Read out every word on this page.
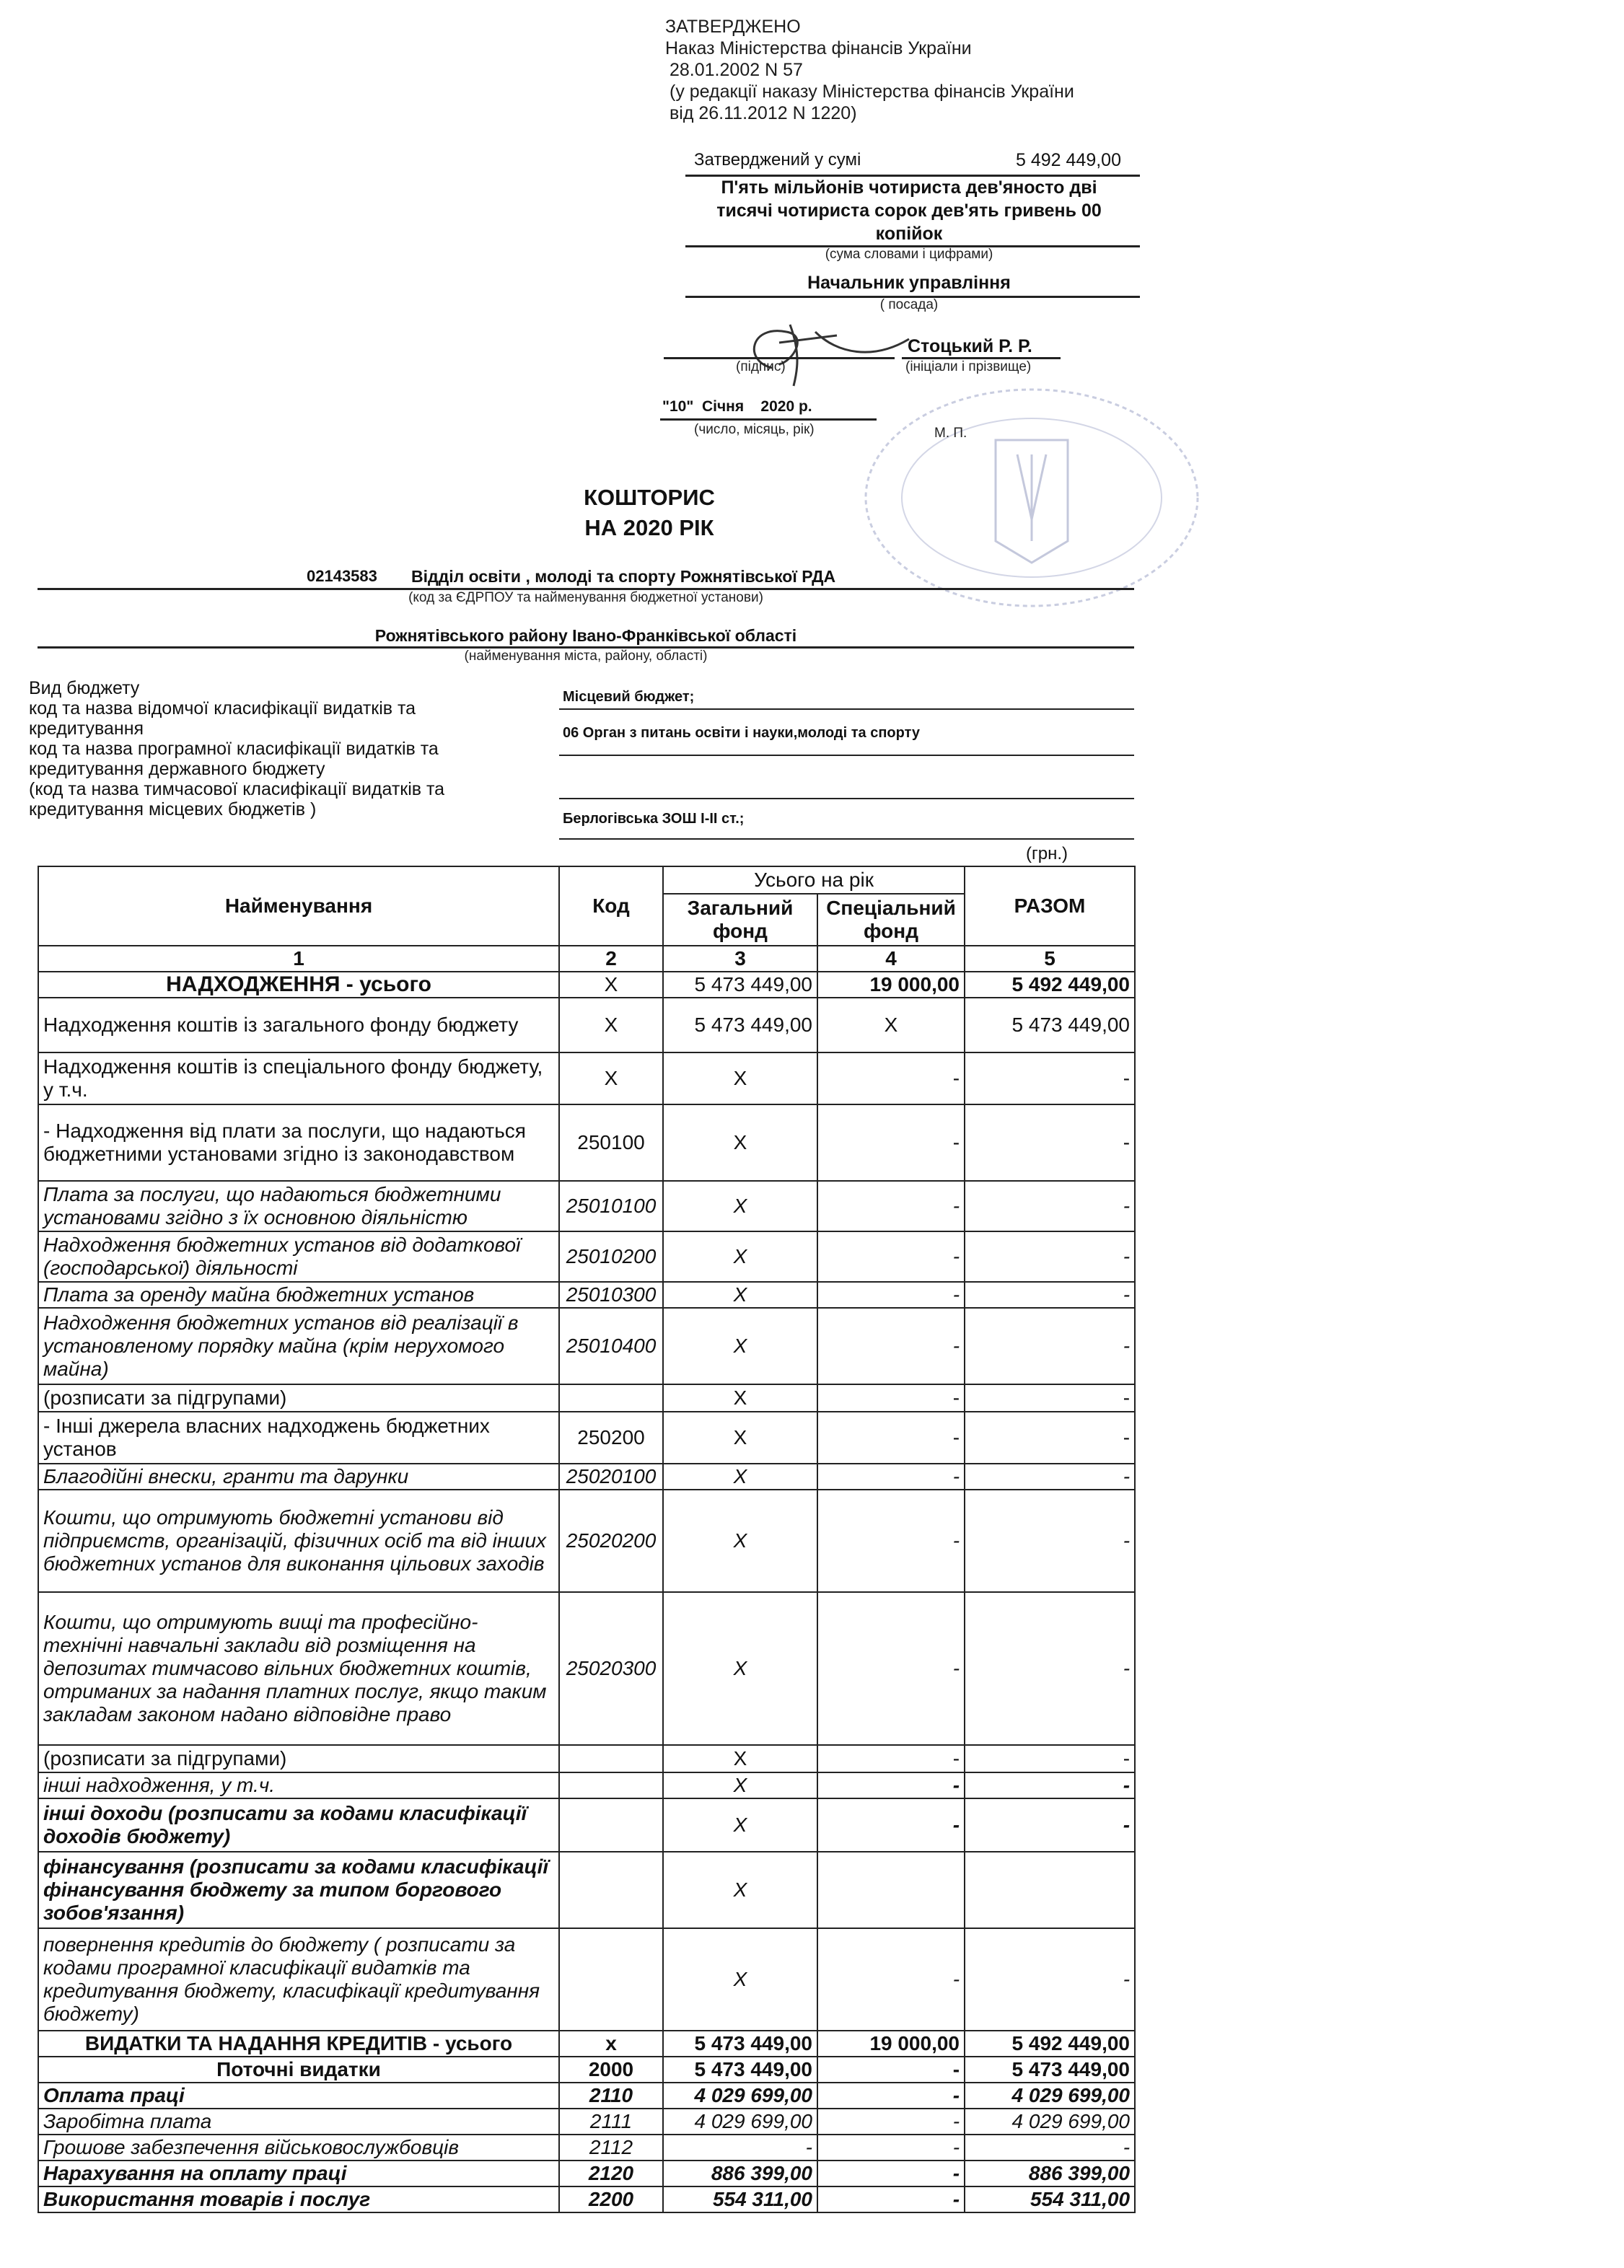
ЗАТВЕРДЖЕНО
Наказ Міністерства фінансів України
28.01.2002 N 57
(у редакції наказу Міністерства фінансів України
від 26.11.2012 N 1220)
Затверджений у сумі	5 492 449,00
П'ять мільйонів чотириста дев'яносто дві
тисячі чотириста сорок дев'ять гривень 00
копійок
(сума словами і цифрами)
Начальник управління
( посада)
Стоцький Р. Р.
(підпис)	(ініціали і прізвище)
"10"  Січня    2020 р.
(число, місяць, рік)	М. П.
КОШТОРИС
НА 2020 РІК
02143583 Відділ освіти , молоді та спорту Рожнятівської РДА
(код за ЄДРПОУ та найменування бюджетної установи)
Рожнятівського району Івано-Франківської області
(найменування міста, району, області)
Вид бюджету
код та назва відомчої класифікації видатків та
кредитування
код та назва програмної класифікації видатків та
кредитування державного бюджету
(код та назва тимчасової класифікації видатків та
кредитування місцевих бюджетів )
Місцевий бюджет;
06 Орган з питань освіти і науки,молоді та спорту
Берлогівська ЗОШ І-ІІ ст.;
(грн.)
Найменування	Код	Усього на рік		РАЗОМ
		Загальний фонд	Спеціальний фонд	
1	2	3	4	5
НАДХОДЖЕННЯ - усього	Х	5 473 449,00	19 000,00	5 492 449,00
Надходження коштів із загального фонду бюджету	Х	5 473 449,00	Х	5 473 449,00
Надходження коштів із спеціального фонду бюджету, у т.ч.	Х	Х	-	-
- Надходження від плати за послуги, що надаються бюджетними установами згідно із законодавством	250100	Х	-	-
Плата за послуги, що надаються бюджетними установами згідно з їх основною діяльністю	25010100	Х	-	-
Надходження бюджетних установ від додаткової (господарської) діяльності	25010200	Х	-	-
Плата за оренду майна бюджетних установ	25010300	Х	-	-
Надходження бюджетних установ від реалізації в установленому порядку майна (крім нерухомого майна)	25010400	Х	-	-
(розписати за підгрупами)		Х	-	-
- Інші джерела власних надходжень бюджетних установ	250200	Х	-	-
Благодійні внески, гранти та дарунки	25020100	Х	-	-
Кошти, що отримують бюджетні установи від підприємств, організацій, фізичних осіб та від інших бюджетних установ для виконання цільових заходів	25020200	Х	-	-
Кошти, що отримують вищі та професійно-технічні навчальні заклади від розміщення на депозитах тимчасово вільних бюджетних коштів, отриманих за надання платних послуг, якщо таким закладам законом надано відповідне право	25020300	Х	-	-
(розписати за підгрупами)		Х	-	-
інші надходження, у т.ч.		Х	-	-
інші доходи (розписати за кодами класифікації доходів бюджету)		Х	-	-
фінансування (розписати за кодами класифікації фінансування бюджету за типом боргового зобов'язання)		Х		
повернення кредитів до бюджету ( розписати за кодами програмної класифікації видатків та кредитування бюджету, класифікації кредитування бюджету)		Х	-	-
ВИДАТКИ ТА НАДАННЯ КРЕДИТІВ - усього	х	5 473 449,00	19 000,00	5 492 449,00
Поточні видатки	2000	5 473 449,00	-	5 473 449,00
Оплата праці	2110	4 029 699,00	-	4 029 699,00
Заробітна плата	2111	4 029 699,00	-	4 029 699,00
Грошове забезпечення військовослужбовців	2112	-	-	-
Нарахування на оплату праці	2120	886 399,00	-	886 399,00
Використання товарів і послуг	2200	554 311,00	-	554 311,00
